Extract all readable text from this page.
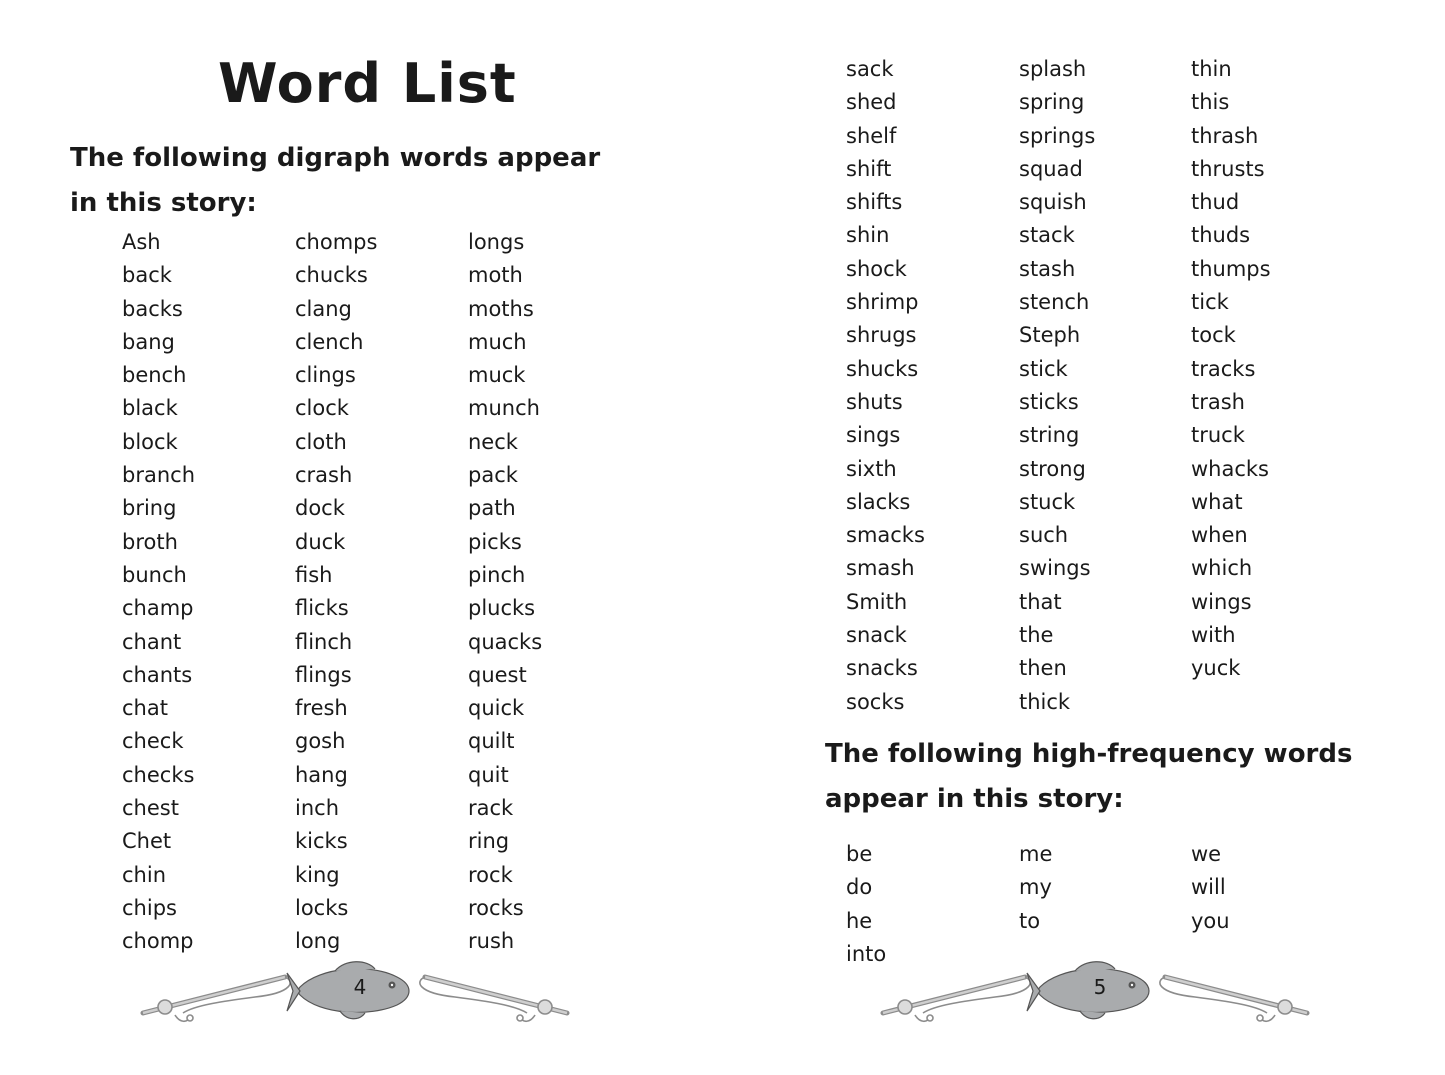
Word List
The following digraph words appear in this story:
Ash
back
backs
bang
bench
black
block
branch
bring
broth
bunch
champ
chant
chants
chat
check
checks
chest
Chet
chin
chips
chomp
chomps
chucks
clang
clench
clings
clock
cloth
crash
dock
duck
fish
flicks
flinch
flings
fresh
gosh
hang
inch
kicks
king
locks
long
longs
moth
moths
much
muck
munch
neck
pack
path
picks
pinch
plucks
quacks
quest
quick
quilt
quit
rack
ring
rock
rocks
rush
4
sack
shed
shelf
shift
shifts
shin
shock
shrimp
shrugs
shucks
shuts
sings
sixth
slacks
smacks
smash
Smith
snack
snacks
socks
splash
spring
springs
squad
squish
stack
stash
stench
Steph
stick
sticks
string
strong
stuck
such
swings
that
the
then
thick
thin
this
thrash
thrusts
thud
thuds
thumps
tick
tock
tracks
trash
truck
whacks
what
when
which
wings
with
yuck
The following high-frequency words appear in this story:
be
do
he
into
me
my
to
we
will
you
5
